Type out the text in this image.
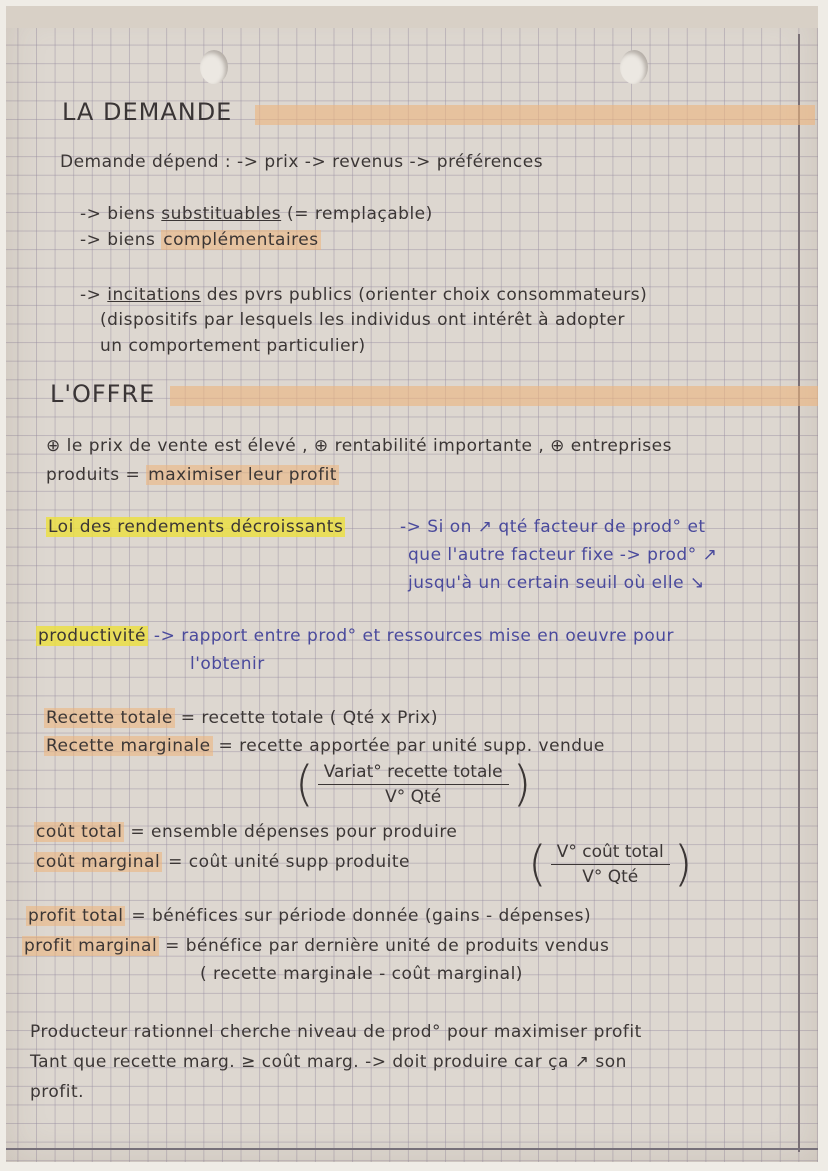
LA DEMANDE
Demande dépend : -> prix -> revenus -> préférences
-> biens substituables (= remplaçable)
-> biens complémentaires
-> incitations des pvrs publics (orienter choix consommateurs)
(dispositifs par lesquels les individus ont intérêt à adopter
un comportement particulier)
L'OFFRE
⊕ le prix de vente est élevé , ⊕ rentabilité importante , ⊕ entreprises
produits = maximiser leur profit
Loi des rendements décroissants	-> Si on ↗ qté facteur de prod° et
que l'autre facteur fixe -> prod° ↗
jusqu'à un certain seuil où elle ↘
productivité -> rapport entre prod° et ressources mise en oeuvre pour
l'obtenir
Recette totale = recette totale ( Qté x Prix)
Recette marginale = recette apportée par unité supp. vendue
( $\frac{\text{Variat° recette totale}}{\text{V° Qté}}$ )
coût total = ensemble dépenses pour produire
coût marginal = coût unité supp produite ( $\frac{\text{V° coût total}}{\text{V° Qté}}$ )
profit total = bénéfices sur période donnée (gains - dépenses)
profit marginal = bénéfice par dernière unité de produits vendus
( recette marginale - coût marginal)
Producteur rationnel cherche niveau de prod° pour maximiser profit
Tant que recette marg. ≥ coût marg. -> doit produire car ça ↗ son
profit.
